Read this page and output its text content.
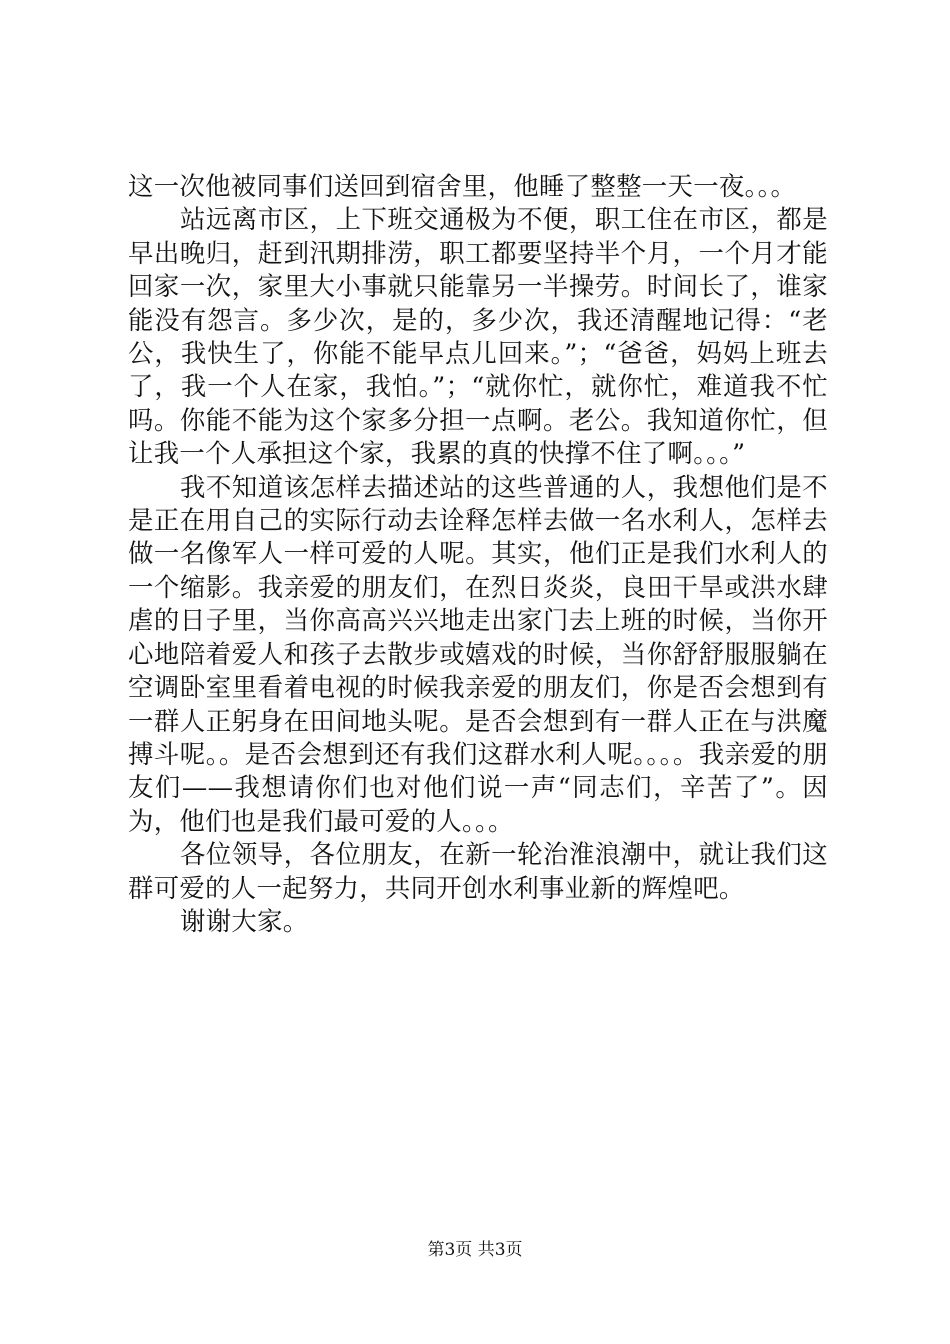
这一次他被同事们送回到宿舍里，他睡了整整一天一夜。。。

站远离市区，上下班交通极为不便，职工住在市区，都是早出晚归，赶到汛期排涝，职工都要坚持半个月，一个月才能回家一次，家里大小事就只能靠另一半操劳。时间长了，谁家能没有怨言。多少次，是的，多少次，我还清醒地记得：“老公，我快生了，你能不能早点儿回来。”；“爸爸，妈妈上班去了，我一个人在家，我怕。”；“就你忙，就你忙，难道我不忙吗。你能不能为这个家多分担一点啊。老公。我知道你忙，但让我一个人承担这个家，我累的真的快撑不住了啊。。。”

我不知道该怎样去描述站的这些普通的人，我想他们是不是正在用自己的实际行动去诠释怎样去做一名水利人，怎样去做一名像军人一样可爱的人呢。其实，他们正是我们水利人的一个缩影。我亲爱的朋友们，在烈日炎炎，良田干旱或洪水肆虐的日子里，当你高高兴兴地走出家门去上班的时候，当你开心地陪着爱人和孩子去散步或嬉戏的时候，当你舒舒服服躺在空调卧室里看着电视的时候我亲爱的朋友们，你是否会想到有一群人正躬身在田间地头呢。是否会想到有一群人正在与洪魔搏斗呢。。是否会想到还有我们这群水利人呢。。。。我亲爱的朋友们——我想请你们也对他们说一声“同志们，辛苦了”。因为，他们也是我们最可爱的人。。。

各位领导，各位朋友，在新一轮治淮浪潮中，就让我们这群可爱的人一起努力，共同开创水利事业新的辉煌吧。

谢谢大家。

第3页 共3页
